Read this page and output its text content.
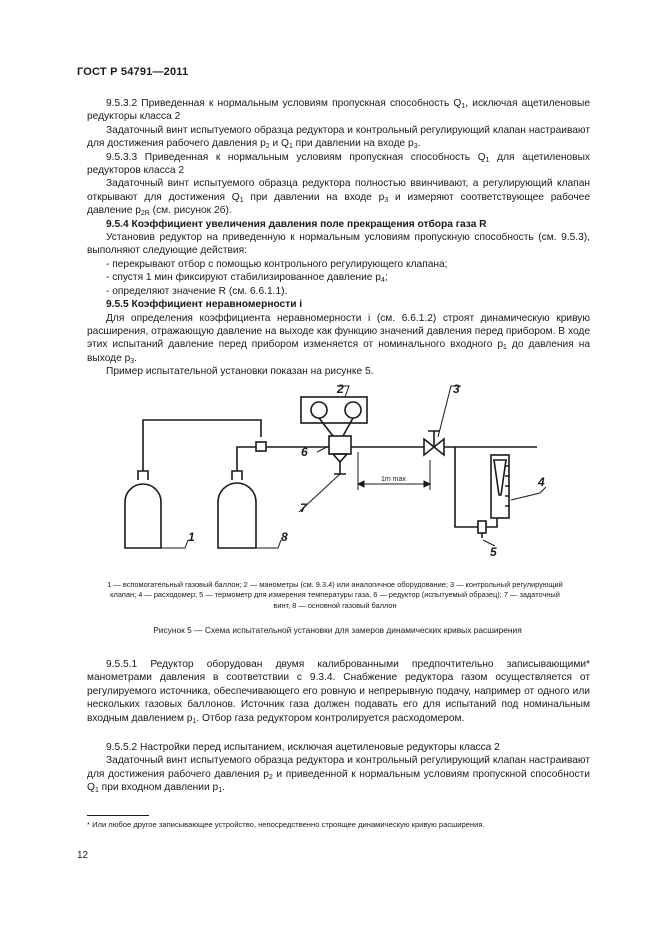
ГОСТ Р 54791—2011

9.5.3.2 Приведенная к нормальным условиям пропускная способность $Q_1$, исключая ацетиленовые редукторы класса 2

Задаточный винт испытуемого образца редуктора и контрольный регулирующий клапан настраивают для достижения рабочего давления $p_2$ и $Q_1$ при давлении на входе $p_3$.

9.5.3.3 Приведенная к нормальным условиям пропускная способность $Q_1$ для ацетиленовых редукторов класса 2

Задаточный винт испытуемого образца редуктора полностью ввинчивают, а регулирующий клапан открывают для достижения $Q_1$ при давлении на входе $p_3$ и измеряют соответствующее рабочее давление $p_{2R}$ (см. рисунок 2б).

9.5.4 Коэффициент увеличения давления поле прекращения отбора газа R

Установив редуктор на приведенную к нормальным условиям пропускную способность (см. 9.5.3), выполняют следующие действия:

- перекрывают отбор с помощью контрольного регулирующего клапана;

- спустя 1 мин фиксируют стабилизированное давление $p_4$;

- определяют значение R (см. 6.6.1.1).

9.5.5 Коэффициент неравномерности i

Для определения коэффициента неравномерности i (см. 6.6.1.2) строят динамическую кривую расширения, отражающую давление на выходе как функцию значений давления перед прибором. В ходе этих испытаний давление перед прибором изменяется от номинального входного $p_1$ до давления на выходе $p_3$.

Пример испытательной установки показан на рисунке 5.

1
2	3
4
5
6
7
8
1m max
1 — вспомогательный газовый баллон; 2 — манометры (см. 9.3.4) или аналогичное оборудование; 3 — контрольный регулирующий клапан; 4 — расходомер; 5 — термометр для измерения температуры газа, 6 — редуктор (испытуемый образец); 7 — задаточный винт, 8 — основной газовый баллон
Рисунок 5 — Схема испытательной установки для замеров динамических кривых расширения

9.5.5.1 Редуктор оборудован двумя калиброванными предпочтительно записывающими* манометрами давления в соответствии с 9.3.4. Снабжение редуктора газом осуществляется от регулируемого источника, обеспечивающего его ровную и непрерывную подачу, например от одного или нескольких газовых баллонов. Источник газа должен подавать его для испытаний под номинальным входным давлением $p_1$. Отбор газа редуктором контролируется расходомером.

9.5.5.2 Настройки перед испытанием, исключая ацетиленовые редукторы класса 2

Задаточный винт испытуемого образца редуктора и контрольный регулирующий клапан настраивают для достижения рабочего давления $p_2$ и приведенной к нормальным условиям пропускной способности $Q_1$ при входном давлении $p_1$.

* Или любое другое записывающее устройство, непосредственно строящее динамическую кривую расширения.
12
